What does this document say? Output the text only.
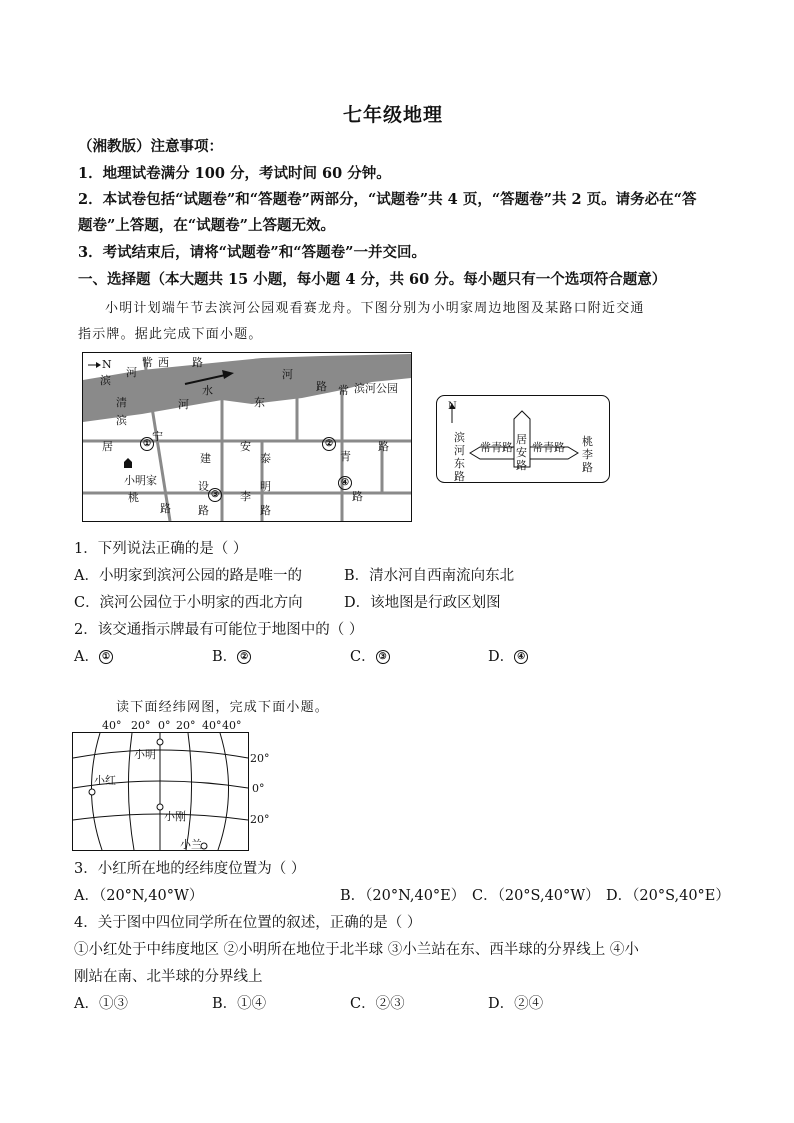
七年级地理
（湘教版）注意事项：
1．地理试卷满分 100 分，考试时间 60 分钟。
2．本试卷包括“试题卷”和“答题卷”两部分，“试题卷”共 4 页，“答题卷”共 2 页。请务必在“答
题卷”上答题，在“试题卷”上答题无效。
3．考试结束后，请将“试题卷”和“答题卷”一并交回。
一、选择题（本大题共 15 小题，每小题 4 分，共 60 分。每小题只有一个选项符合题意）
小明计划端午节去滨河公园观看赛龙舟。下图分别为小明家周边地图及某路口附近交通
指示牌。据此完成下面小题。
N	常 西 路
河
水
东
路 常 滨河公园
滨
河
清
滨
河
居	①
宁
安	②
青
路
建	泰
小明家
桃
设
③
明	④
路 路
李
路
路
N
滨河东路
常青路
居安路
常青路 桃李路
1．下列说法正确的是（ ）
A．小明家到滨河公园的路是唯一的	B．清水河自西南流向东北
C．滨河公园位于小明家的西北方向	D．该地图是行政区划图
2．该交通指示牌最有可能位于地图中的（ ）
A． ①	B． ②	C． ③	D． ④
读下面经纬网图，完成下面小题。
40° 20° 0° 20° 40° 40°
小明
小红
小刚
小兰
20°
0°
20°
3．小红所在地的经纬度位置为（ ）
A．（20°N,40°W）	B．（20°N,40°E） C．（20°S,40°W） D．（20°S,40°E）
4．关于图中四位同学所在位置的叙述，正确的是（ ）
①小红处于中纬度地区 ②小明所在地位于北半球 ③小兰站在东、西半球的分界线上 ④小
刚站在南、北半球的分界线上
A．①③	B．①④	C．②③	D．②④
